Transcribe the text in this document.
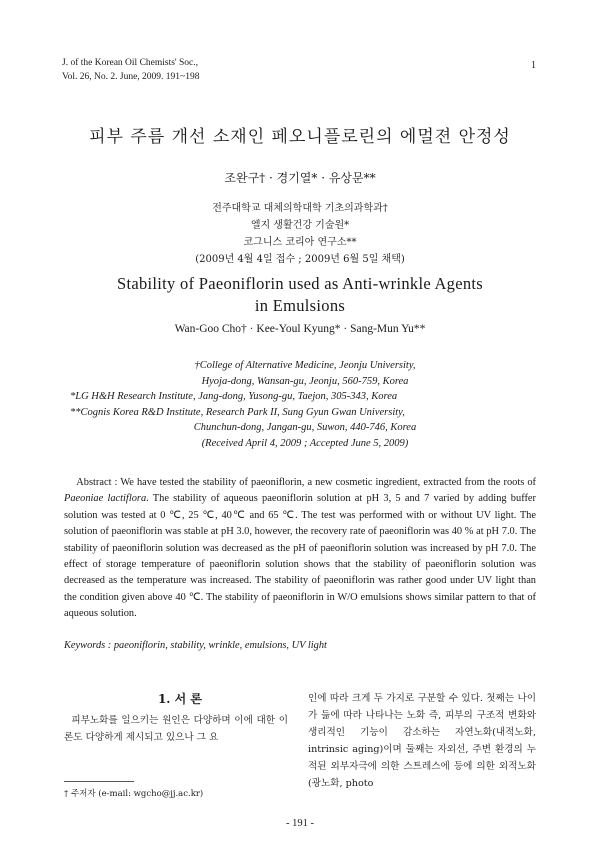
J. of the Korean Oil Chemists' Soc.,
Vol. 26, No. 2. June, 2009. 191~198
1
피부 주름 개선 소재인 페오니플로린의 에멀젼 안정성
조완구† · 경기열* · 유상문**
전주대학교 대체의학대학 기초의과학과†
엘지 생활건강 기술원*
코그니스 코리아 연구소**
(2009년 4월 4일 접수 ; 2009년 6월 5일 채택)
Stability of Paeoniflorin used as Anti-wrinkle Agents
in Emulsions
Wan-Goo Cho† · Kee-Youl Kyung* · Sang-Mun Yu**
†College of Alternative Medicine, Jeonju University,
Hyoja-dong, Wansan-gu, Jeonju, 560-759, Korea
*LG H&H Research Institute, Jang-dong, Yusong-gu, Taejon, 305-343, Korea
**Cognis Korea R&D Institute, Research Park II, Sung Gyun Gwan University,
Chunchun-dong, Jangan-gu, Suwon, 440-746, Korea
(Received April 4, 2009 ; Accepted June 5, 2009)
Abstract : We have tested the stability of paeoniflorin, a new cosmetic ingredient, extracted from the roots of Paeoniae lactiflora. The stability of aqueous paeoniflorin solution at pH 3, 5 and 7 varied by adding buffer solution was tested at 0 ℃, 25 ℃, 40℃ and 65 ℃. The test was performed with or without UV light. The solution of paeoniflorin was stable at pH 3.0, however, the recovery rate of paeoniflorin was 40 % at pH 7.0. The stability of paeoniflorin solution was decreased as the pH of paeoniflorin solution was increased by pH 7.0. The effect of storage temperature of paeoniflorin solution shows that the stability of paeoniflorin solution was decreased as the temperature was increased. The stability of paeoniflorin was rather good under UV light than the condition given above 40 ℃. The stability of paeoniflorin in W/O emulsions shows similar pattern to that of aqueous solution.
Keywords : paeoniflorin, stability, wrinkle, emulsions, UV light
1. 서 론
피부노화를 일으키는 원인은 다양하며 이에 대한 이론도 다양하게 제시되고 있으나 그 요
인에 따라 크게 두 가지로 구분할 수 있다. 첫째는 나이가 듦에 따라 나타나는 노화 즉, 피부의 구조적 변화와 생리적인 기능이 감소하는 자연노화(내적노화, intrinsic aging)이며 둘째는 자외선, 주변 환경의 누적된 외부자극에 의한 스트레스에 등에 의한 외적노화(광노화, photo
† 주저자 (e-mail: wgcho@jj.ac.kr)
- 191 -
